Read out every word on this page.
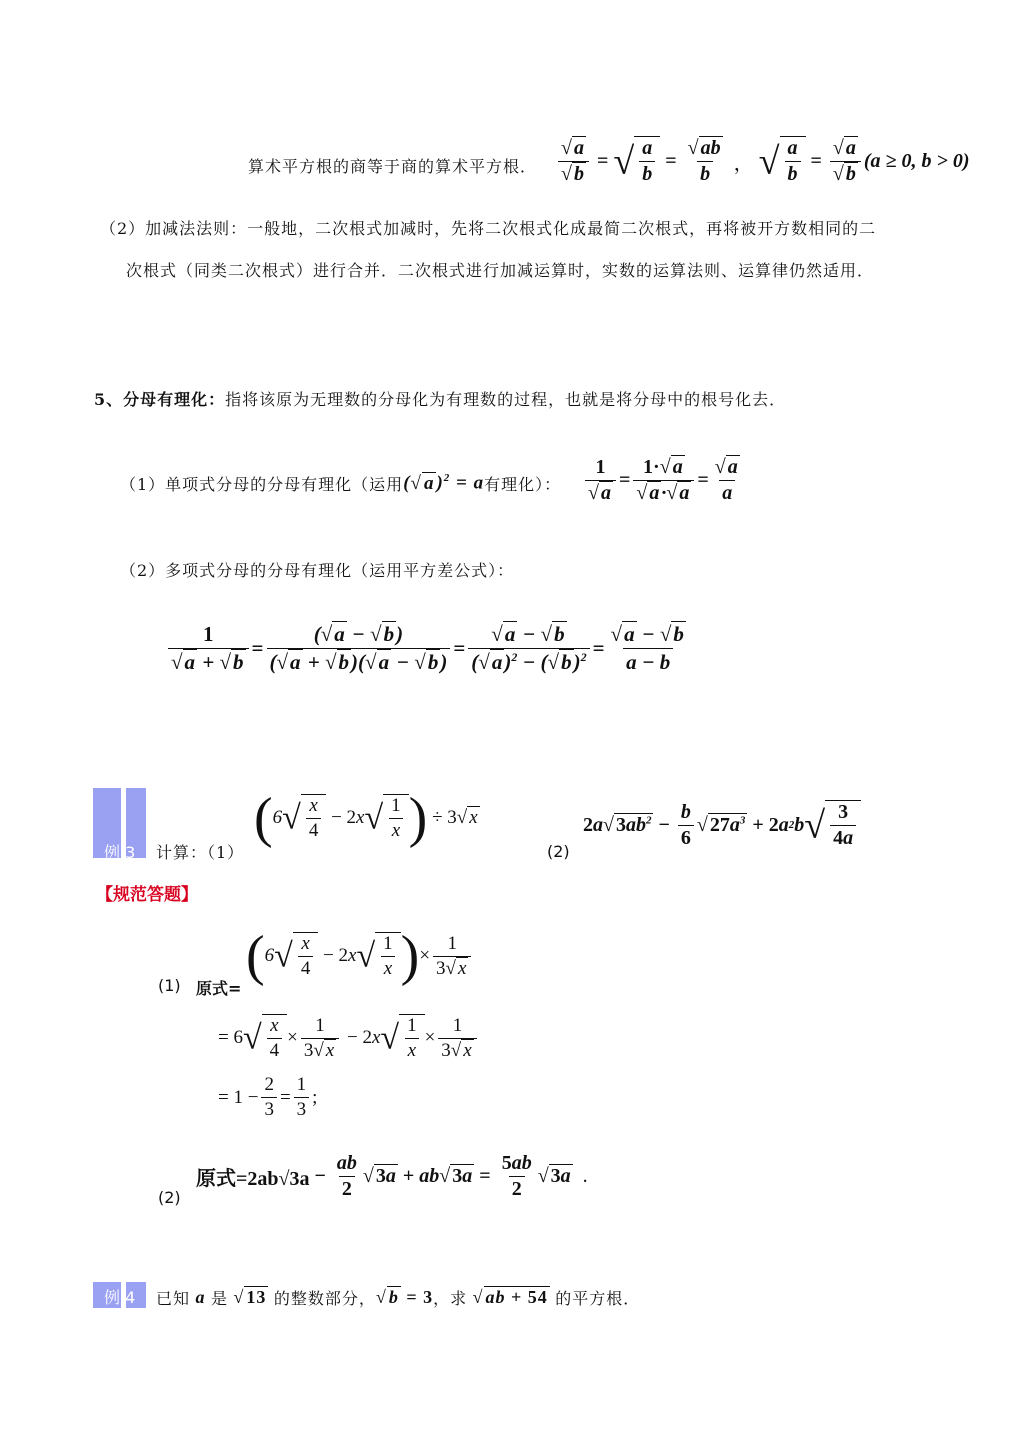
算术平方根的商等于商的算术平方根． $\frac{√ a}{√ b}$ = √ $\frac{a}{b} = \frac{√ ab}{b}$ ， √ $\frac{a}{b} = \frac{√ a}{√ b} (a \ge 0$, b > 0)
（2）加减法法则：一般地，二次根式加减时，先将二次根式化成最简二次根式，再将被开方数相同的二
次根式（同类二次根式）进行合并．二次根式进行加减运算时，实数的运算法则、运算律仍然适用．
5、分母有理化：指将该原为无理数的分母化为有理数的过程，也就是将分母中的根号化去．
（1）单项式分母的分母有理化（运用 (√ a )$^2$ = a 有理化）： $\frac{1}{√ a} = \frac{1\cdot√ a}{√ a \cdot√ a} = \frac{√ a}{a}$
（2）多项式分母的分母有理化（运用平方差公式）：
$\frac{1}{√a + √b} = \frac{(√a - √b)}{(√a + √b)(√a - √b)} = \frac{√a - √b}{(√a)^2 - (√b)^2} = \frac{√a - √b}{a - b}$
例 3 计算：（1）
( 6 √ $\frac{x}{4} - 2$ x √ $\frac{1}{x}$ ) ÷ 3 √ x
(2)
2 a √ $3ab^2 - \frac{b}{6}$ √ $27a^3 + 2$ a 2 b √ $\frac{3}{4a}$
【规范答题】
(1) 原式=
( 6 √ $\frac{x}{4} - 2$ x √ $\frac{1}{x}$ ) × $\frac{1}{3√ x}$
= 6 √ $\frac{x}{4} \times \frac{1}{3√ x} - 2$ x √ $\frac{1}{x} \times \frac{1}{3√ x}$
= $1 - \frac{2}{3} = \frac{1}{3}$ ;
(2)
原式$=2ab√3a - \frac{ab}{2}$ √ 3a + ab √ $3a = \frac{5ab}{2}$ √ 3a .
例 4 已知 a 是 √ 13 的整数部分， √ b = 3 ，求 √ ab + 54 的平方根．
